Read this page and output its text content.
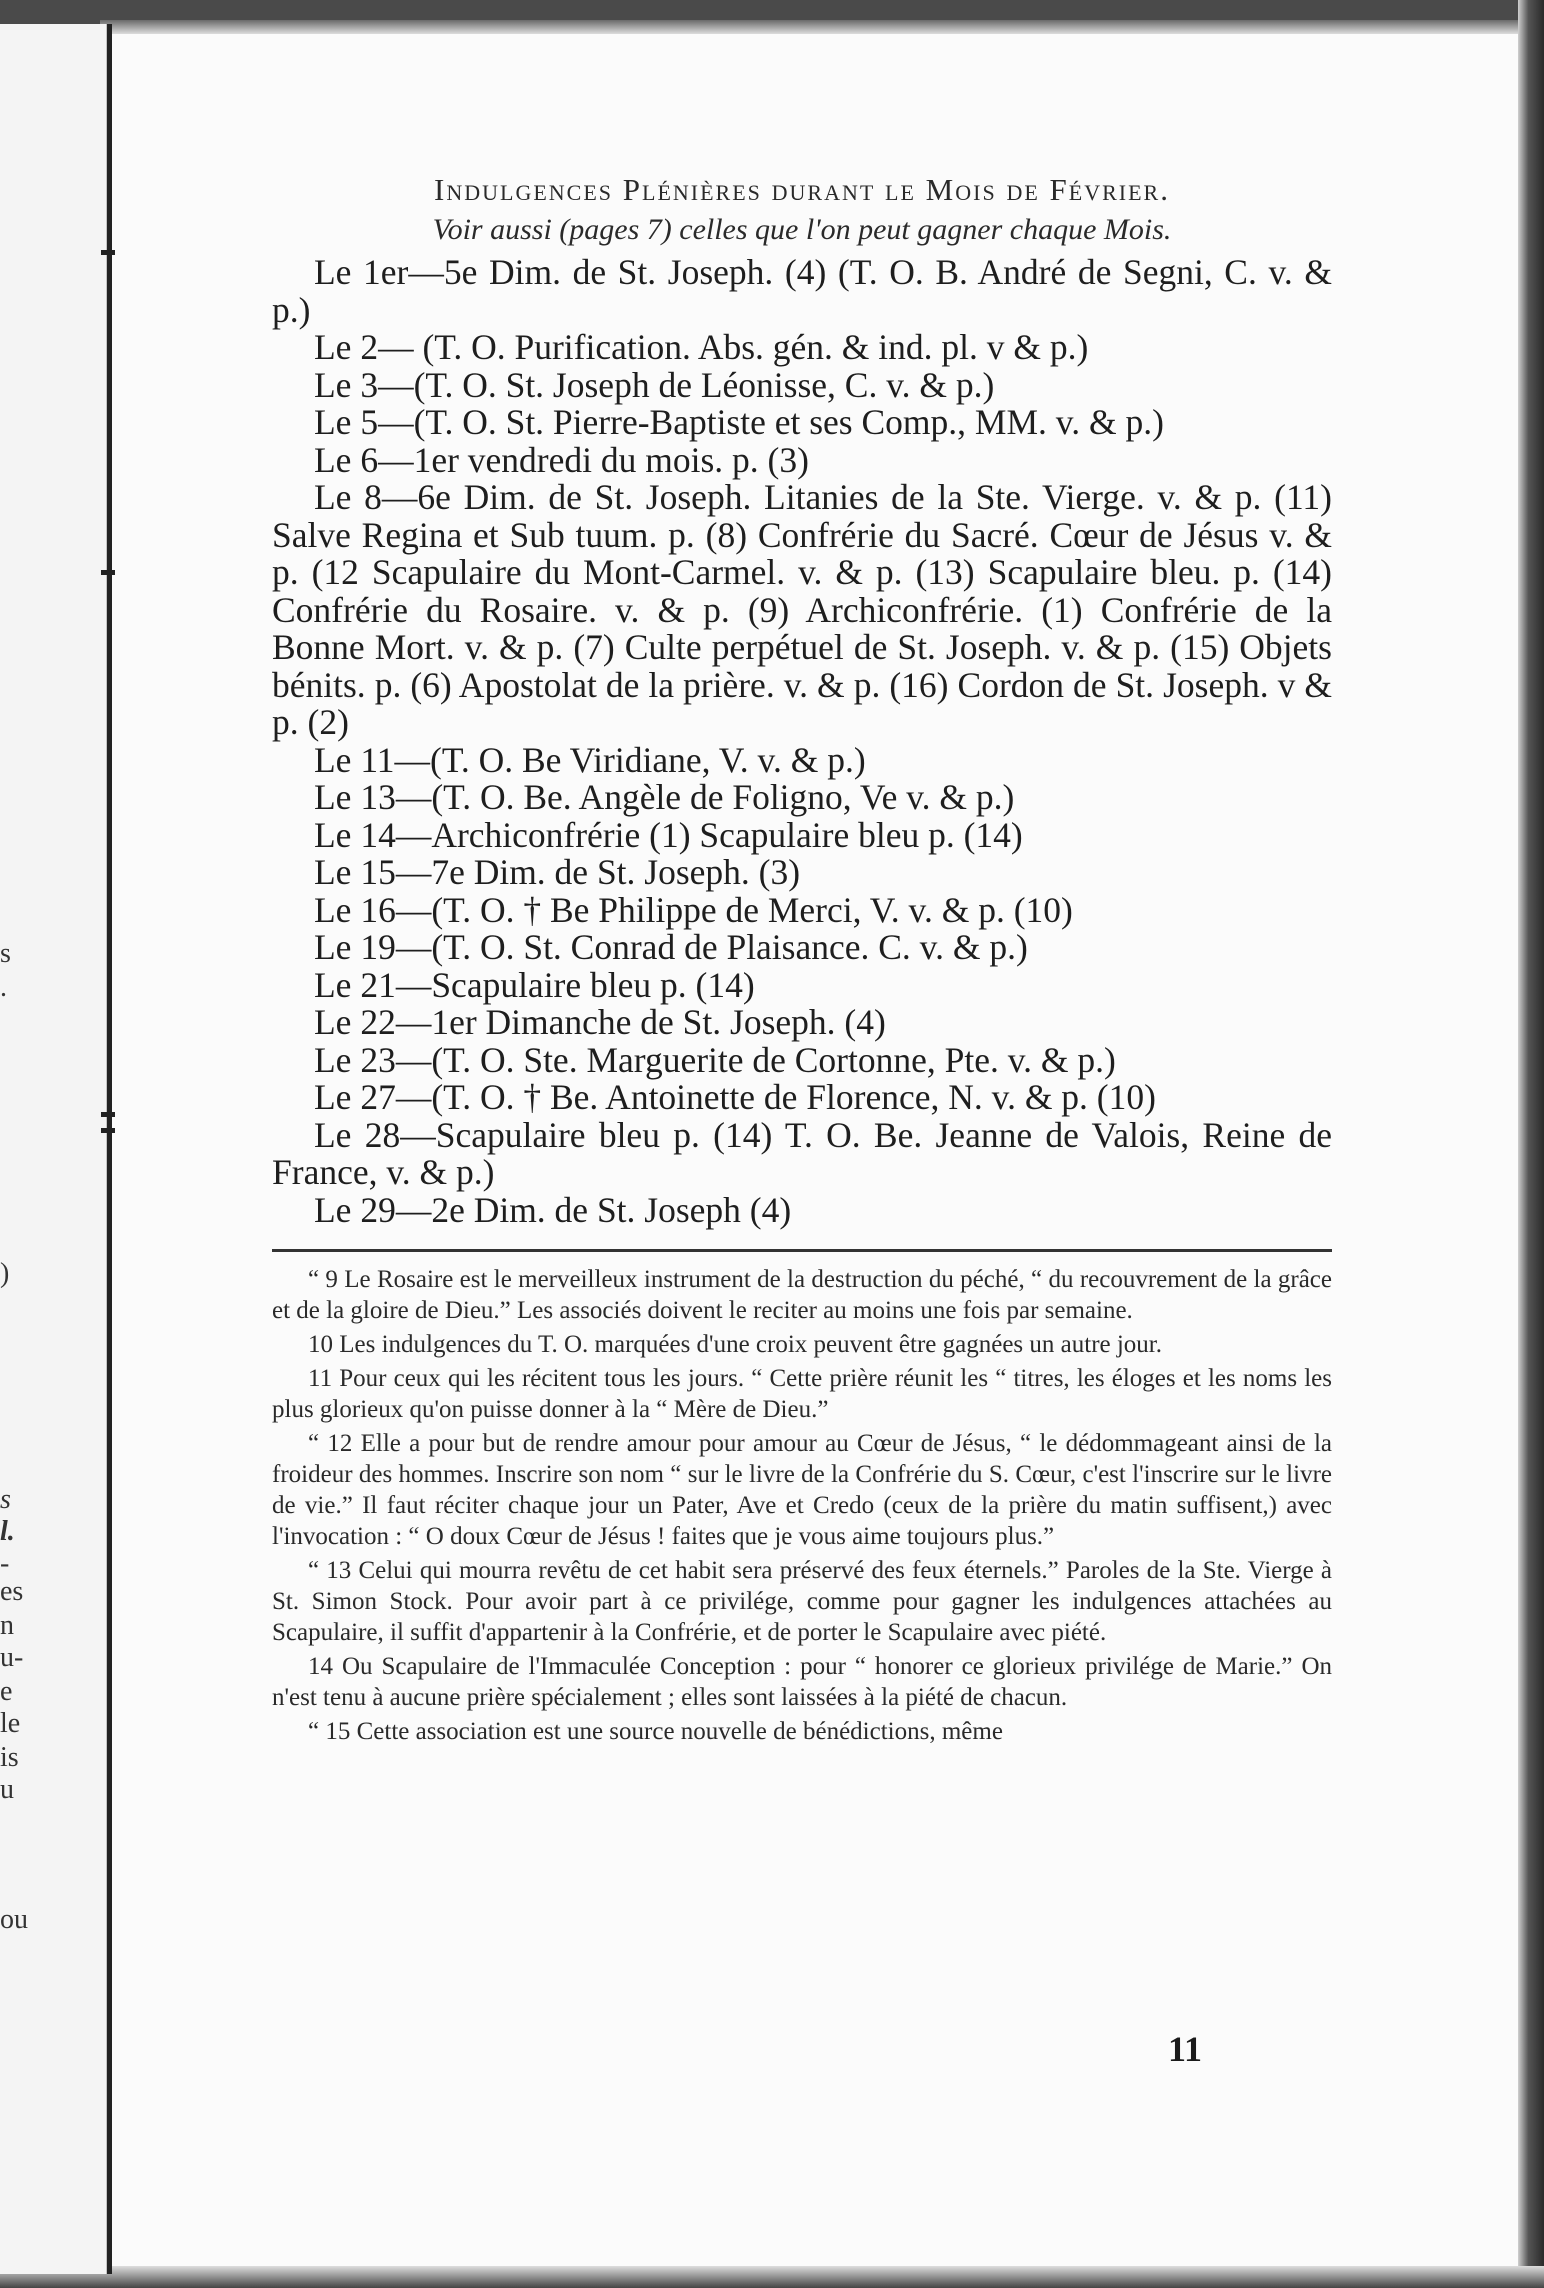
s
.
)
s
l.
-
es
n
u-
e
le
is
u
ou
Indulgences Plénières durant le Mois de Février.
Voir aussi (pages 7) celles que l'on peut gagner chaque Mois.

Le 1er—5e Dim. de St. Joseph. (4) (T. O. B. André de Segni, C. v. & p.)

Le 2— (T. O. Purification. Abs. gén. & ind. pl. v & p.)

Le 3—(T. O. St. Joseph de Léonisse, C. v. & p.)

Le 5—(T. O. St. Pierre-Baptiste et ses Comp., MM. v. & p.)

Le 6—1er vendredi du mois. p. (3)

Le 8—6e Dim. de St. Joseph. Litanies de la Ste. Vierge. v. & p. (11) Salve Regina et Sub tuum. p. (8) Confrérie du Sacré. Cœur de Jésus v. & p. (12 Scapulaire du Mont-Carmel. v. & p. (13) Scapulaire bleu. p. (14) Confrérie du Rosaire. v. & p. (9) Archiconfrérie. (1) Confrérie de la Bonne Mort. v. & p. (7) Culte perpétuel de St. Joseph. v. & p. (15) Objets bénits. p. (6) Apostolat de la prière. v. & p. (16) Cordon de St. Joseph. v & p. (2)

Le 11—(T. O. Be Viridiane, V. v. & p.)

Le 13—(T. O. Be. Angèle de Foligno, Ve v. & p.)

Le 14—Archiconfrérie (1) Scapulaire bleu p. (14)

Le 15—7e Dim. de St. Joseph. (3)

Le 16—(T. O. † Be Philippe de Merci, V. v. & p. (10)

Le 19—(T. O. St. Conrad de Plaisance. C. v. & p.)

Le 21—Scapulaire bleu p. (14)

Le 22—1er Dimanche de St. Joseph. (4)

Le 23—(T. O. Ste. Marguerite de Cortonne, Pte. v. & p.)

Le 27—(T. O. † Be. Antoinette de Florence, N. v. & p. (10)

Le 28—Scapulaire bleu p. (14) T. O. Be. Jeanne de Valois, Reine de France, v. & p.)

Le 29—2e Dim. de St. Joseph (4)

“ 9 Le Rosaire est le merveilleux instrument de la destruction du péché, “ du recouvrement de la grâce et de la gloire de Dieu.” Les associés doivent le reciter au moins une fois par semaine.

10 Les indulgences du T. O. marquées d'une croix peuvent être gagnées un autre jour.

11 Pour ceux qui les récitent tous les jours. “ Cette prière réunit les “ titres, les éloges et les noms les plus glorieux qu'on puisse donner à la “ Mère de Dieu.”

“ 12 Elle a pour but de rendre amour pour amour au Cœur de Jésus, “ le dédommageant ainsi de la froideur des hommes. Inscrire son nom “ sur le livre de la Confrérie du S. Cœur, c'est l'inscrire sur le livre de vie.” Il faut réciter chaque jour un Pater, Ave et Credo (ceux de la prière du matin suffisent,) avec l'invocation : “ O doux Cœur de Jésus ! faites que je vous aime toujours plus.”

“ 13 Celui qui mourra revêtu de cet habit sera préservé des feux éternels.” Paroles de la Ste. Vierge à St. Simon Stock. Pour avoir part à ce privilége, comme pour gagner les indulgences attachées au Scapulaire, il suffit d'appartenir à la Confrérie, et de porter le Scapulaire avec piété.

14 Ou Scapulaire de l'Immaculée Conception : pour “ honorer ce glorieux privilége de Marie.” On n'est tenu à aucune prière spécialement ; elles sont laissées à la piété de chacun.

“ 15 Cette association est une source nouvelle de bénédictions, même

11
